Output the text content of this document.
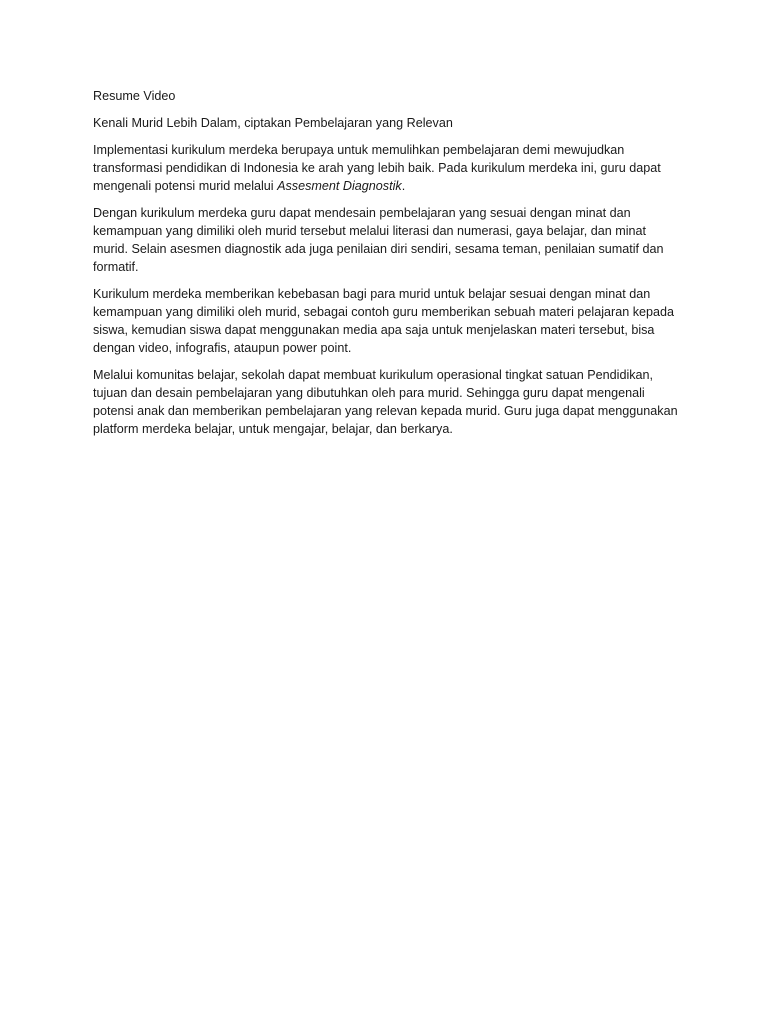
Resume Video

Kenali Murid Lebih Dalam, ciptakan Pembelajaran yang Relevan

Implementasi kurikulum merdeka berupaya untuk memulihkan pembelajaran demi mewujudkan transformasi pendidikan di Indonesia ke arah yang lebih baik. Pada kurikulum merdeka ini, guru dapat mengenali potensi murid melalui Assesment Diagnostik.

Dengan kurikulum merdeka guru dapat mendesain pembelajaran yang sesuai dengan minat dan kemampuan yang dimiliki oleh murid tersebut melalui literasi dan numerasi, gaya belajar, dan minat murid. Selain asesmen diagnostik ada juga penilaian diri sendiri, sesama teman, penilaian sumatif dan formatif.

Kurikulum merdeka memberikan kebebasan bagi para murid untuk belajar sesuai dengan minat dan kemampuan yang dimiliki oleh murid, sebagai contoh guru memberikan sebuah materi pelajaran kepada siswa, kemudian siswa dapat menggunakan media apa saja untuk menjelaskan materi tersebut, bisa dengan video, infografis, ataupun power point.

Melalui komunitas belajar, sekolah dapat membuat kurikulum operasional tingkat satuan Pendidikan, tujuan dan desain pembelajaran yang dibutuhkan oleh para murid. Sehingga guru dapat mengenali potensi anak dan memberikan pembelajaran yang relevan kepada murid. Guru juga dapat menggunakan platform merdeka belajar, untuk mengajar, belajar, dan berkarya.
